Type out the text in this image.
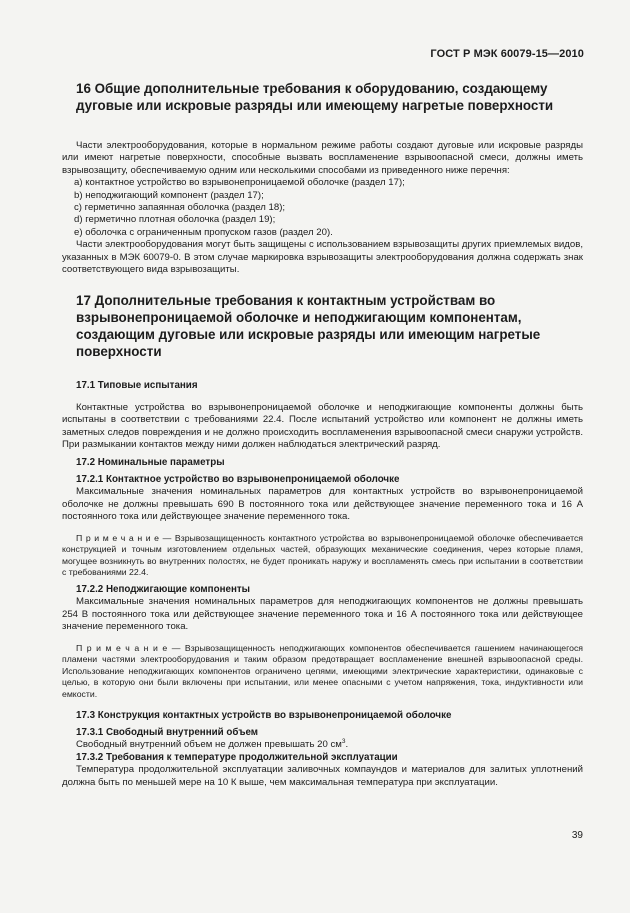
ГОСТ Р МЭК 60079-15—2010
16 Общие дополнительные требования к оборудованию, создающему дуговые или искровые разряды или имеющему нагретые поверхности

Части электрооборудования, которые в нормальном режиме работы создают дуговые или искровые разряды или имеют нагретые поверхности, способные вызвать воспламенение взрывоопасной смеси, должны иметь взрывозащиту, обеспечиваемую одним или несколькими способами из приведенного ниже перечня:

a) контактное устройство во взрывонепроницаемой оболочке (раздел 17);
b) неподжигающий компонент (раздел 17);
c) герметично запаянная оболочка (раздел 18);
d) герметично плотная оболочка (раздел 19);
e) оболочка с ограниченным пропуском газов (раздел 20).

Части электрооборудования могут быть защищены с использованием взрывозащиты других приемлемых видов, указанных в МЭК 60079-0. В этом случае маркировка взрывозащиты электрооборудования должна содержать знак соответствующего вида взрывозащиты.

17 Дополнительные требования к контактным устройствам во взрывонепроницаемой оболочке и неподжигающим компонентам, создающим дуговые или искровые разряды или имеющим нагретые поверхности
17.1 Типовые испытания

Контактные устройства во взрывонепроницаемой оболочке и неподжигающие компоненты должны быть испытаны в соответствии с требованиями 22.4. После испытаний устройство или компонент не должны иметь заметных следов повреждения и не должно происходить воспламенения взрывоопасной смеси снаружи устройств. При размыкании контактов между ними должен наблюдаться электрический разряд.

17.2 Номинальные параметры
17.2.1 Контактное устройство во взрывонепроницаемой оболочке

Максимальные значения номинальных параметров для контактных устройств во взрывонепроницаемой оболочке не должны превышать 690 В постоянного тока или действующее значение переменного тока и 16 А постоянного тока или действующее значение переменного тока.

П р и м е ч а н и е — Взрывозащищенность контактного устройства во взрывонепроницаемой оболочке обеспечивается конструкцией и точным изготовлением отдельных частей, образующих механические соединения, через которые пламя, могущее возникнуть во внутренних полостях, не будет проникать наружу и воспламенять смесь при испытании в соответствии с требованиями 22.4.

17.2.2 Неподжигающие компоненты

Максимальные значения номинальных параметров для неподжигающих компонентов не должны превышать 254 В постоянного тока или действующее значение переменного тока и 16 А постоянного тока или действующее значение переменного тока.

П р и м е ч а н и е — Взрывозащищенность неподжигающих компонентов обеспечивается гашением начинающегося пламени частями электрооборудования и таким образом предотвращает воспламенение внешней взрывоопасной среды. Использование неподжигающих компонентов ограничено цепями, имеющими электрические характеристики, одинаковые с целью, в которую они были включены при испытании, или менее опасными с учетом напряжения, тока, индуктивности или емкости.

17.3 Конструкция контактных устройств во взрывонепроницаемой оболочке
17.3.1 Свободный внутренний объем

Свободный внутренний объем не должен превышать 20 $см^3$.

17.3.2 Требования к температуре продолжительной эксплуатации

Температура продолжительной эксплуатации заливочных компаундов и материалов для залитых уплотнений должна быть по меньшей мере на 10 К выше, чем максимальная температура при эксплуатации.

39
